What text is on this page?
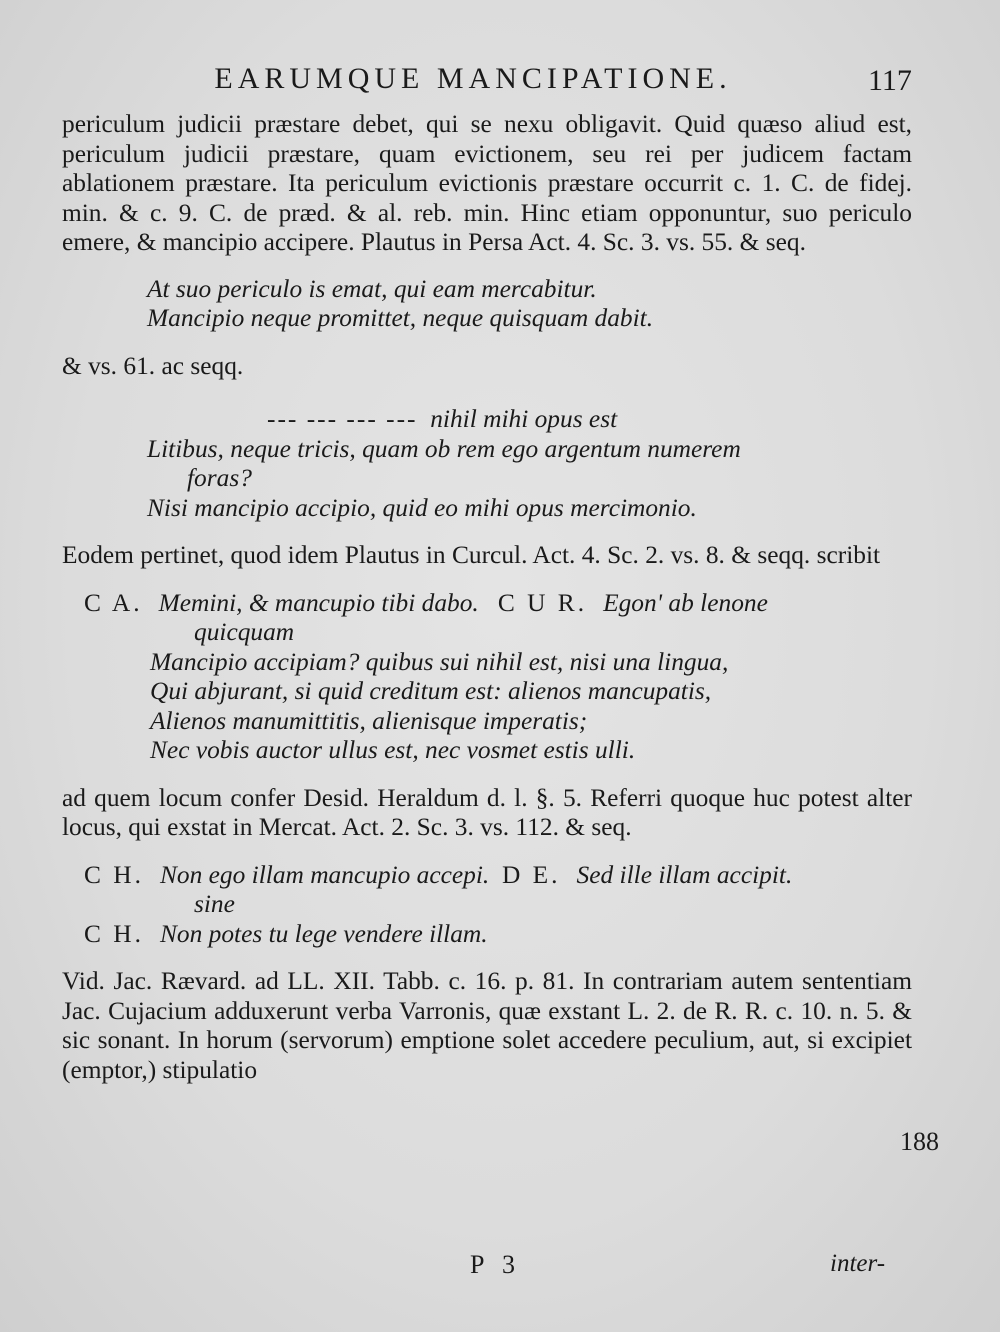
EARUMQUE MANCIPATIONE.	117

periculum judicii præstare debet, qui se nexu obligavit. Quid quæso aliud est, periculum judicii præstare, quam evictionem, seu rei per judicem factam ablationem præstare. Ita periculum evictionis præstare occurrit c. 1. C. de fidej. min. & c. 9. C. de præd. & al. reb. min. Hinc etiam opponuntur, suo periculo emere, & mancipio accipere. Plautus in Persa Act. 4. Sc. 3. vs. 55. & seq.

At suo periculo is emat, qui eam mercabitur.
Mancipio neque promittet, neque quisquam dabit.

& vs. 61. ac seqq.

--- --- --- --- nihil mihi opus est
Litibus, neque tricis, quam ob rem ego argentum numerem
foras?
Nisi mancipio accipio, quid eo mihi opus mercimonio.

Eodem pertinet, quod idem Plautus in Curcul. Act. 4. Sc. 2. vs. 8. & seqq. scribit

C A. Memini, & mancupio tibi dabo. C U R. Egon' ab lenone
quicquam
Mancipio accipiam? quibus sui nihil est, nisi una lingua,
Qui abjurant, si quid creditum est: alienos mancupatis,
Alienos manumittitis, alienisque imperatis;
Nec vobis auctor ullus est, nec vosmet estis ulli.

ad quem locum confer Desid. Heraldum d. l. §. 5. Referri quoque huc potest alter locus, qui exstat in Mercat. Act. 2. Sc. 3. vs. 112. & seq.

C H. Non ego illam mancupio accepi. D E. Sed ille illam accipit.
sine
C H. Non potes tu lege vendere illam.

Vid. Jac. Rævard. ad LL. XII. Tabb. c. 16. p. 81. In contrariam autem sententiam Jac. Cujacium adduxerunt verba Varronis, quæ exstant L. 2. de R. R. c. 10. n. 5. & sic sonant. In horum (servorum) emptione solet accedere peculium, aut, si excipiet (emptor,) stipulatio

188
P 3	inter-
